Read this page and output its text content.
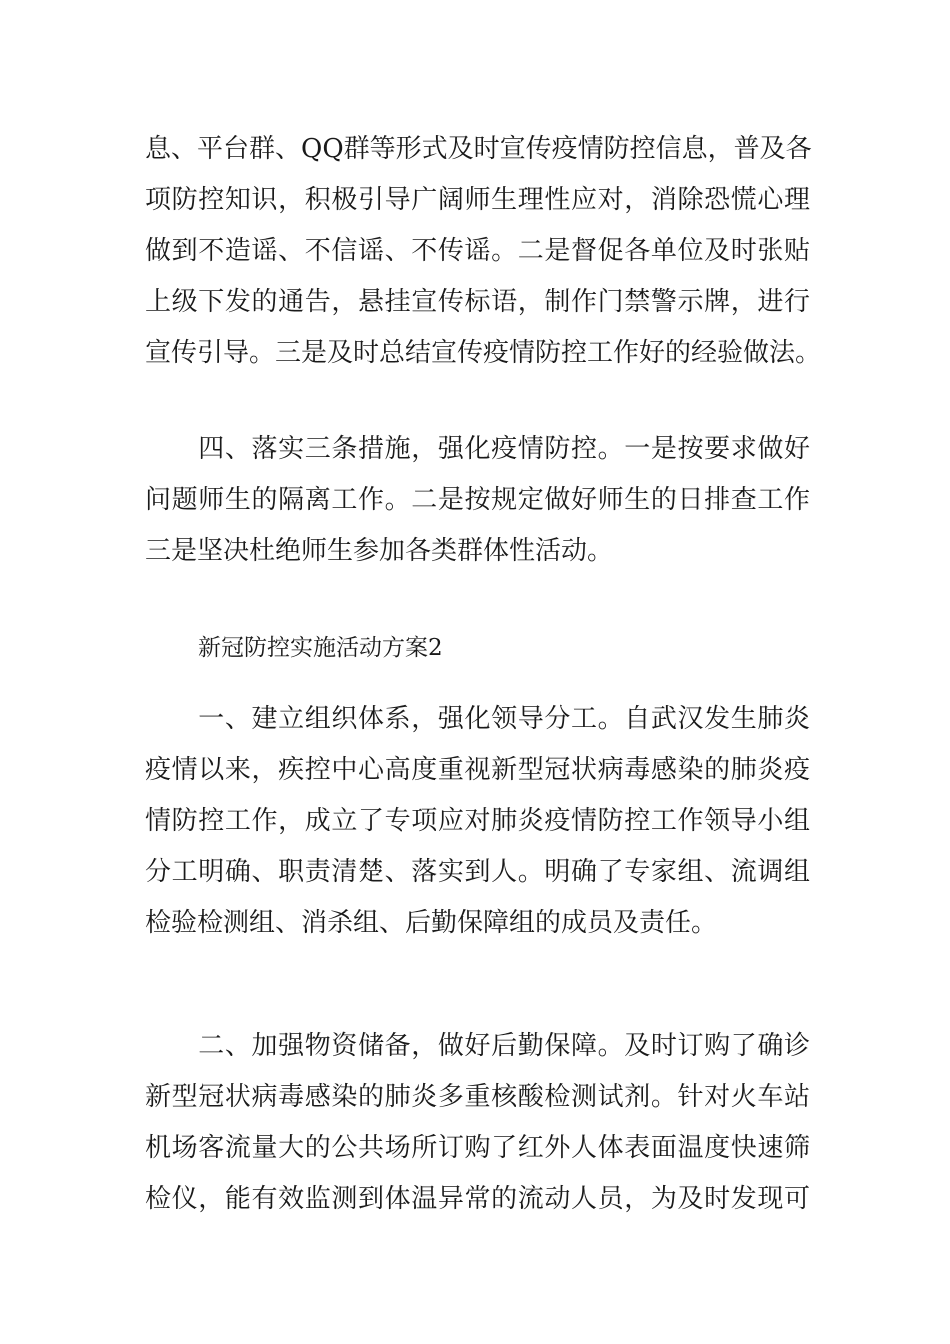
息、平台群、QQ群等形式及时宣传疫情防控信息，普及各
项防控知识，积极引导广阔师生理性应对，消除恐慌心理
做到不造谣、不信谣、不传谣。二是督促各单位及时张贴
上级下发的通告，悬挂宣传标语，制作门禁警示牌，进行
宣传引导。三是及时总结宣传疫情防控工作好的经验做法。
　　四、落实三条措施，强化疫情防控。一是按要求做好
问题师生的隔离工作。二是按规定做好师生的日排查工作
三是坚决杜绝师生参加各类群体性活动。
新冠防控实施活动方案2
　　一、建立组织体系，强化领导分工。自武汉发生肺炎
疫情以来，疾控中心高度重视新型冠状病毒感染的肺炎疫
情防控工作，成立了专项应对肺炎疫情防控工作领导小组
分工明确、职责清楚、落实到人。明确了专家组、流调组
检验检测组、消杀组、后勤保障组的成员及责任。
　　二、加强物资储备，做好后勤保障。及时订购了确诊
新型冠状病毒感染的肺炎多重核酸检测试剂。针对火车站
机场客流量大的公共场所订购了红外人体表面温度快速筛
检仪，能有效监测到体温异常的流动人员，为及时发现可
